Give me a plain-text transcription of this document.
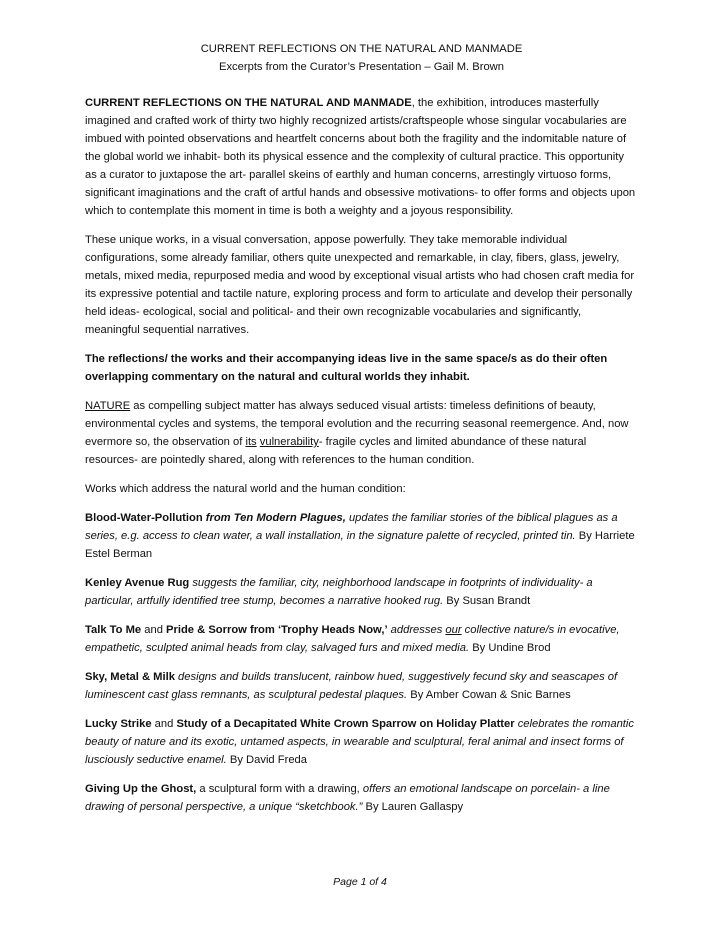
CURRENT REFLECTIONS ON THE NATURAL AND MANMADE
Excerpts from the Curator’s Presentation – Gail M. Brown

CURRENT REFLECTIONS ON THE NATURAL AND MANMADE, the exhibition, introduces masterfully imagined and crafted work of thirty two highly recognized artists/craftspeople whose singular vocabularies are imbued with pointed observations and heartfelt concerns about both the fragility and the indomitable nature of the global world we inhabit- both its physical essence and the complexity of cultural practice. This opportunity as a curator to juxtapose the art- parallel skeins of earthly and human concerns, arrestingly virtuoso forms, significant imaginations and the craft of artful hands and obsessive motivations- to offer forms and objects upon which to contemplate this moment in time is both a weighty and a joyous responsibility.

These unique works, in a visual conversation, appose powerfully. They take memorable individual configurations, some already familiar, others quite unexpected and remarkable, in clay, fibers, glass, jewelry, metals, mixed media, repurposed media and wood by exceptional visual artists who had chosen craft media for its expressive potential and tactile nature, exploring process and form to articulate and develop their personally held ideas- ecological, social and political- and their own recognizable vocabularies and significantly, meaningful sequential narratives.

The reflections/ the works and their accompanying ideas live in the same space/s as do their often overlapping commentary on the natural and cultural worlds they inhabit.

NATURE as compelling subject matter has always seduced visual artists: timeless definitions of beauty, environmental cycles and systems, the temporal evolution and the recurring seasonal reemergence. And, now evermore so, the observation of its vulnerability- fragile cycles and limited abundance of these natural resources- are pointedly shared, along with references to the human condition.

Works which address the natural world and the human condition:

Blood-Water-Pollution from Ten Modern Plagues, updates the familiar stories of the biblical plagues as a series, e.g. access to clean water, a wall installation, in the signature palette of recycled, printed tin. By Harriete Estel Berman

Kenley Avenue Rug suggests the familiar, city, neighborhood landscape in footprints of individuality- a particular, artfully identified tree stump, becomes a narrative hooked rug. By Susan Brandt

Talk To Me and Pride & Sorrow from ‘Trophy Heads Now,’ addresses our collective nature/s in evocative, empathetic, sculpted animal heads from clay, salvaged furs and mixed media. By Undine Brod

Sky, Metal & Milk designs and builds translucent, rainbow hued, suggestively fecund sky and seascapes of luminescent cast glass remnants, as sculptural pedestal plaques. By Amber Cowan & Snic Barnes

Lucky Strike and Study of a Decapitated White Crown Sparrow on Holiday Platter celebrates the romantic beauty of nature and its exotic, untamed aspects, in wearable and sculptural, feral animal and insect forms of lusciously seductive enamel. By David Freda

Giving Up the Ghost, a sculptural form with a drawing, offers an emotional landscape on porcelain- a line drawing of personal perspective, a unique “sketchbook.” By Lauren Gallaspy

Page 1 of 4
